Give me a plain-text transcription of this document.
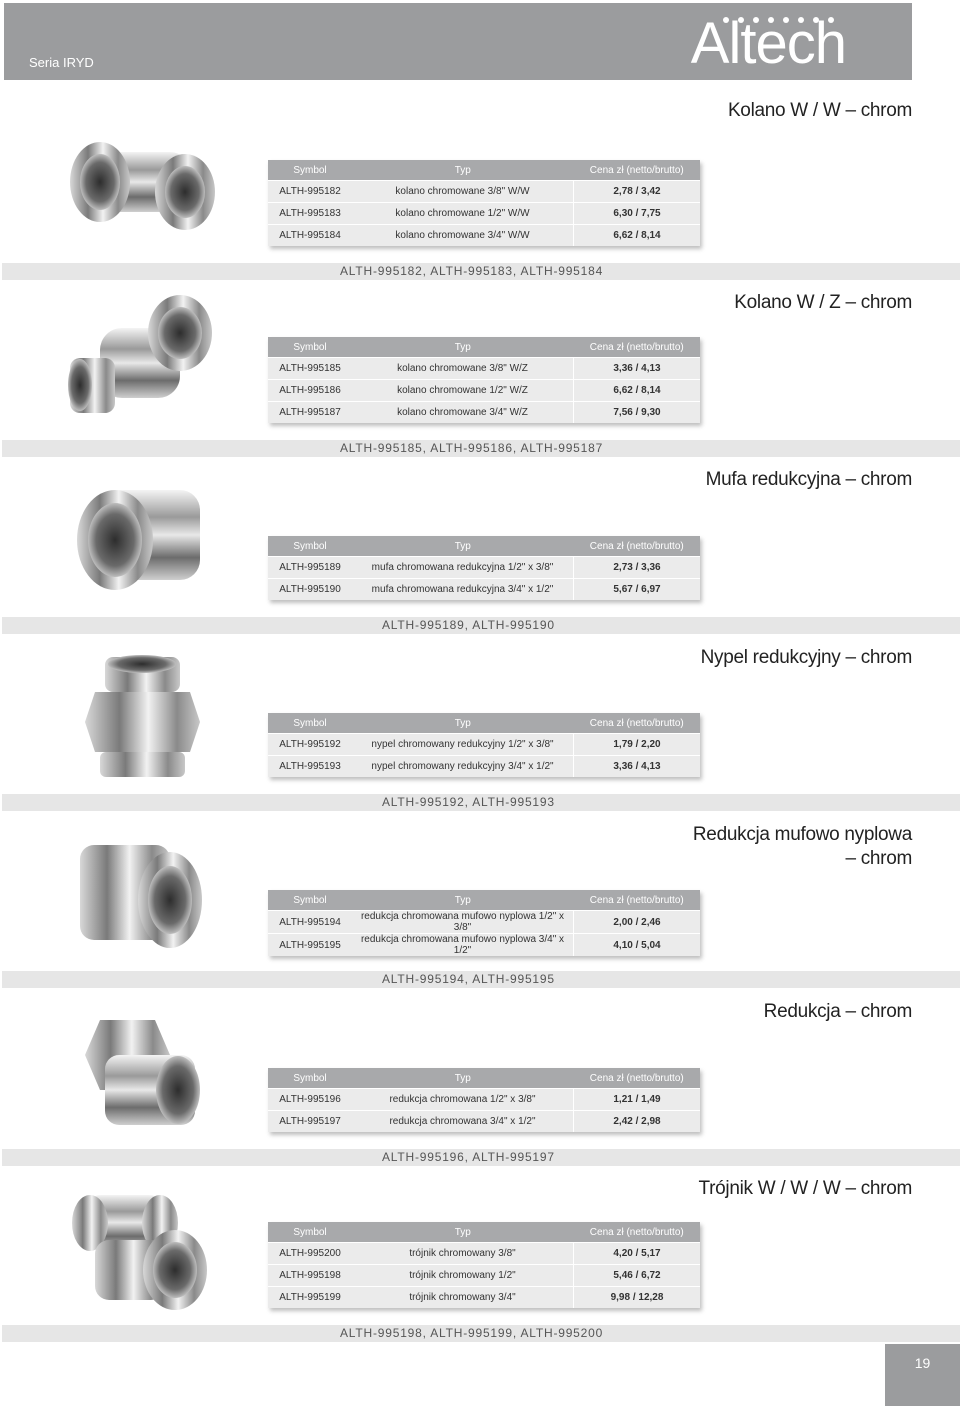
Seria IRYD	Altech
Kolano W / W – chrom
Symbol	Typ	Cena zł (netto/brutto)
ALTH-995182	kolano chromowane 3/8" W/W	2,78 / 3,42
ALTH-995183	kolano chromowane 1/2" W/W	6,30 / 7,75
ALTH-995184	kolano chromowane 3/4" W/W	6,62 / 8,14
ALTH-995182, ALTH-995183, ALTH-995184
Kolano W / Z – chrom
Symbol	Typ	Cena zł (netto/brutto)
ALTH-995185	kolano chromowane 3/8" W/Z	3,36 / 4,13
ALTH-995186	kolano chromowane 1/2" W/Z	6,62 / 8,14
ALTH-995187	kolano chromowane 3/4" W/Z	7,56 / 9,30
ALTH-995185, ALTH-995186, ALTH-995187
Mufa redukcyjna – chrom
Symbol	Typ	Cena zł (netto/brutto)
ALTH-995189	mufa chromowana redukcyjna 1/2" x 3/8"	2,73 / 3,36
ALTH-995190	mufa chromowana redukcyjna 3/4" x 1/2"	5,67 / 6,97
ALTH-995189, ALTH-995190
Nypel redukcyjny – chrom
Symbol	Typ	Cena zł (netto/brutto)
ALTH-995192	nypel chromowany redukcyjny 1/2" x 3/8"	1,79 / 2,20
ALTH-995193	nypel chromowany redukcyjny 3/4" x 1/2"	3,36 / 4,13
ALTH-995192, ALTH-995193
Redukcja mufowo nyplowa
– chrom
Symbol	Typ	Cena zł (netto/brutto)
ALTH-995194	redukcja chromowana mufowo nyplowa 1/2" x 3/8"	2,00 / 2,46
ALTH-995195	redukcja chromowana mufowo nyplowa 3/4" x 1/2"	4,10 / 5,04
ALTH-995194, ALTH-995195
Redukcja – chrom
Symbol	Typ	Cena zł (netto/brutto)
ALTH-995196	redukcja chromowana 1/2" x 3/8"	1,21 / 1,49
ALTH-995197	redukcja chromowana 3/4" x 1/2"	2,42 / 2,98
ALTH-995196, ALTH-995197
Trójnik W / W / W – chrom
Symbol	Typ	Cena zł (netto/brutto)
ALTH-995200	trójnik chromowany 3/8"	4,20 / 5,17
ALTH-995198	trójnik chromowany 1/2"	5,46 / 6,72
ALTH-995199	trójnik chromowany 3/4"	9,98 / 12,28
ALTH-995198, ALTH-995199, ALTH-995200
19
